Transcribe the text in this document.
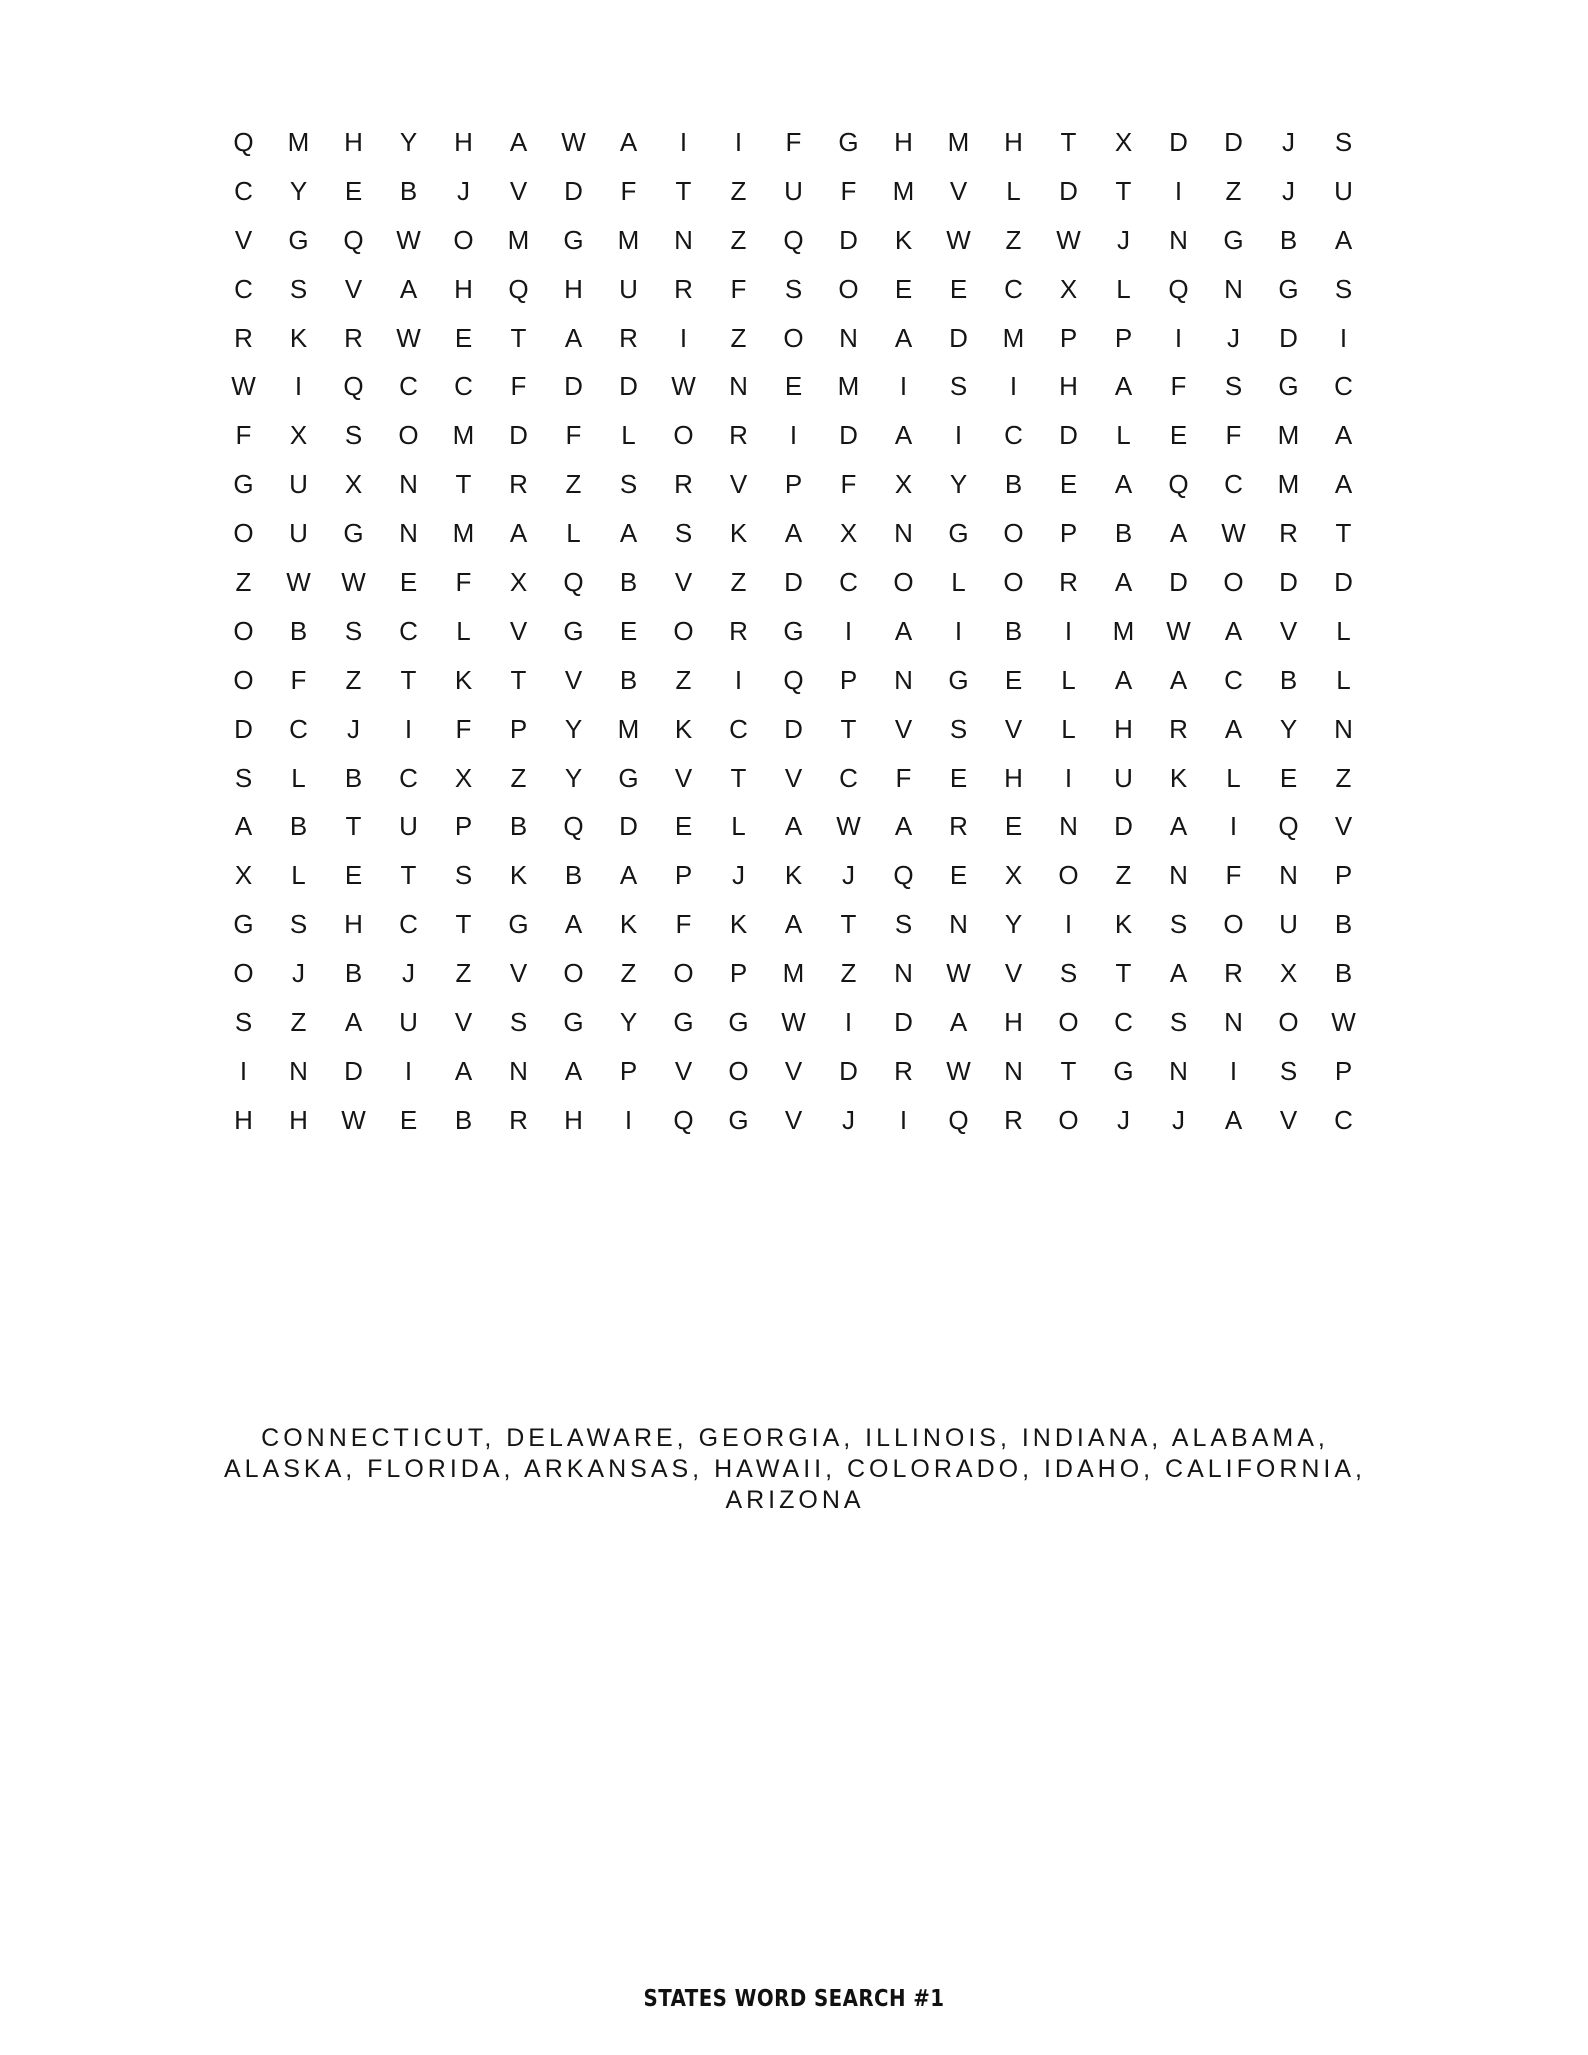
Q	M	H	Y	H	A	W	A	I	I	F	G	H	M	H	T	X	D	D	J	S
C	Y	E	B	J	V	D	F	T	Z	U	F	M	V	L	D	T	I	Z	J	U
V	G	Q	W	O	M	G	M	N	Z	Q	D	K	W	Z	W	J	N	G	B	A
C	S	V	A	H	Q	H	U	R	F	S	O	E	E	C	X	L	Q	N	G	S
R	K	R	W	E	T	A	R	I	Z	O	N	A	D	M	P	P	I	J	D	I
W	I	Q	C	C	F	D	D	W	N	E	M	I	S	I	H	A	F	S	G	C
F	X	S	O	M	D	F	L	O	R	I	D	A	I	C	D	L	E	F	M	A
G	U	X	N	T	R	Z	S	R	V	P	F	X	Y	B	E	A	Q	C	M	A
O	U	G	N	M	A	L	A	S	K	A	X	N	G	O	P	B	A	W	R	T
Z	W	W	E	F	X	Q	B	V	Z	D	C	O	L	O	R	A	D	O	D	D
O	B	S	C	L	V	G	E	O	R	G	I	A	I	B	I	M	W	A	V	L
O	F	Z	T	K	T	V	B	Z	I	Q	P	N	G	E	L	A	A	C	B	L
D	C	J	I	F	P	Y	M	K	C	D	T	V	S	V	L	H	R	A	Y	N
S	L	B	C	X	Z	Y	G	V	T	V	C	F	E	H	I	U	K	L	E	Z
A	B	T	U	P	B	Q	D	E	L	A	W	A	R	E	N	D	A	I	Q	V
X	L	E	T	S	K	B	A	P	J	K	J	Q	E	X	O	Z	N	F	N	P
G	S	H	C	T	G	A	K	F	K	A	T	S	N	Y	I	K	S	O	U	B
O	J	B	J	Z	V	O	Z	O	P	M	Z	N	W	V	S	T	A	R	X	B
S	Z	A	U	V	S	G	Y	G	G	W	I	D	A	H	O	C	S	N	O	W
I	N	D	I	A	N	A	P	V	O	V	D	R	W	N	T	G	N	I	S	P
H	H	W	E	B	R	H	I	Q	G	V	J	I	Q	R	O	J	J	A	V	C
CONNECTICUT, DELAWARE, GEORGIA, ILLINOIS, INDIANA, ALABAMA,
ALASKA, FLORIDA, ARKANSAS, HAWAII, COLORADO, IDAHO, CALIFORNIA,
ARIZONA
STATES WORD SEARCH #1
